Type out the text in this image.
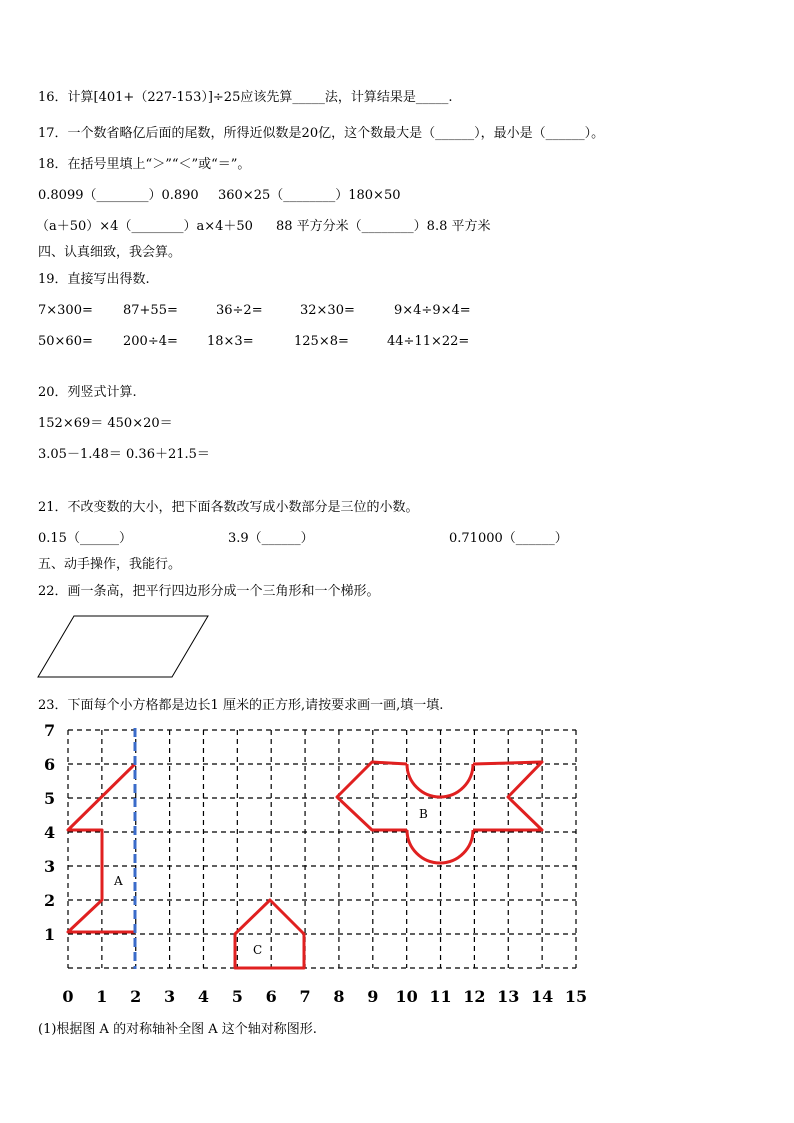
16．计算[401+（227-153）]÷25应该先算_____法，计算结果是_____.
17．一个数省略亿后面的尾数，所得近似数是20亿，这个数最大是（______），最小是（______）。
18．在括号里填上“＞”“＜”或“＝”。
0.8099（________）0.890 360×25（________）180×50
（a＋50）×4（________）a×4＋50 88 平方分米（________）8.8 平方米
四、认真细致，我会算。
19．直接写出得数.
7×300= 87+55=	36÷2=	32×30=	9×4÷9×4=
50×60= 200÷4= 18×3=	125×8=	44÷11×22=
20．列竖式计算.
152×69＝ 450×20＝
3.05－1.48＝ 0.36＋21.5＝
21．不改变数的大小，把下面各数改写成小数部分是三位的小数。
0.15（______）	3.9（______）	0.71000（______）
五、动手操作，我能行。
22．画一条高，把平行四边形分成一个三角形和一个梯形。
23．下面每个小方格都是边长1 厘米的正方形,请按要求画一画,填一填.
A
B
C
1
2
3
4
5
6
7
0 1 2 3 4 5 6 7 8 9 10 11 12 13 14 15
(1)根据图 A 的对称轴补全图 A 这个轴对称图形.
